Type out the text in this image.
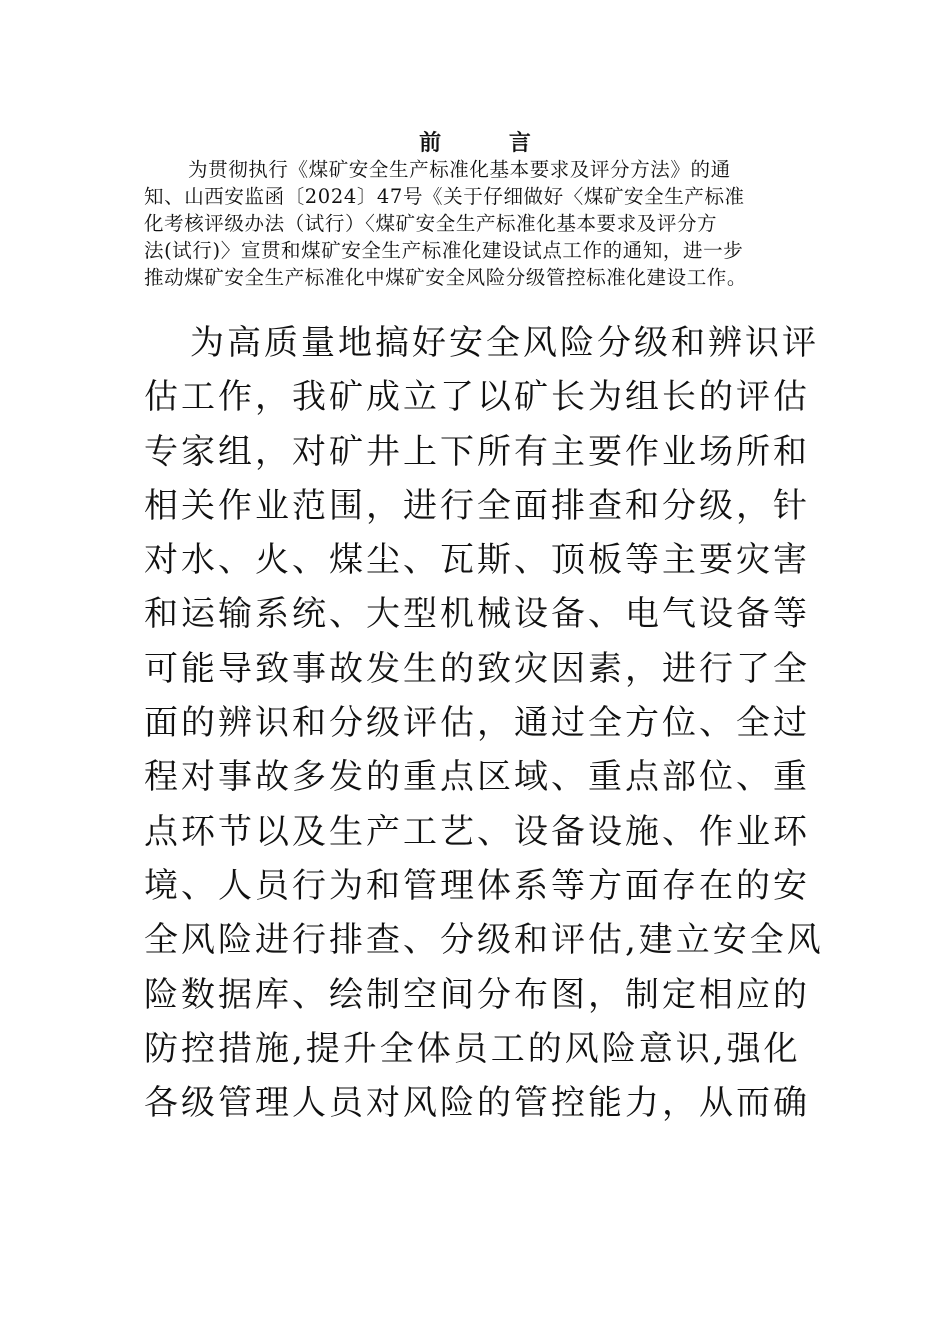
前 言

为贯彻执行《煤矿安全生产标准化基本要求及评分方法》的通
知、山西安监函〔2024〕47号《关于仔细做好〈煤矿安全生产标准
化考核评级办法（试行）〈煤矿安全生产标准化基本要求及评分方
法(试行)〉宣贯和煤矿安全生产标准化建设试点工作的通知，进一步
推动煤矿安全生产标准化中煤矿安全风险分级管控标准化建设工作。

为高质量地搞好安全风险分级和辨识评
估工作，我矿成立了以矿长为组长的评估
专家组，对矿井上下所有主要作业场所和
相关作业范围，进行全面排查和分级，针
对水、火、煤尘、瓦斯、顶板等主要灾害
和运输系统、大型机械设备、电气设备等
可能导致事故发生的致灾因素，进行了全
面的辨识和分级评估，通过全方位、全过
程对事故多发的重点区域、重点部位、重
点环节以及生产工艺、设备设施、作业环
境、人员行为和管理体系等方面存在的安
全风险进行排查、分级和评估,建立安全风
险数据库、绘制空间分布图，制定相应的
防控措施,提升全体员工的风险意识,强化
各级管理人员对风险的管控能力，从而确
